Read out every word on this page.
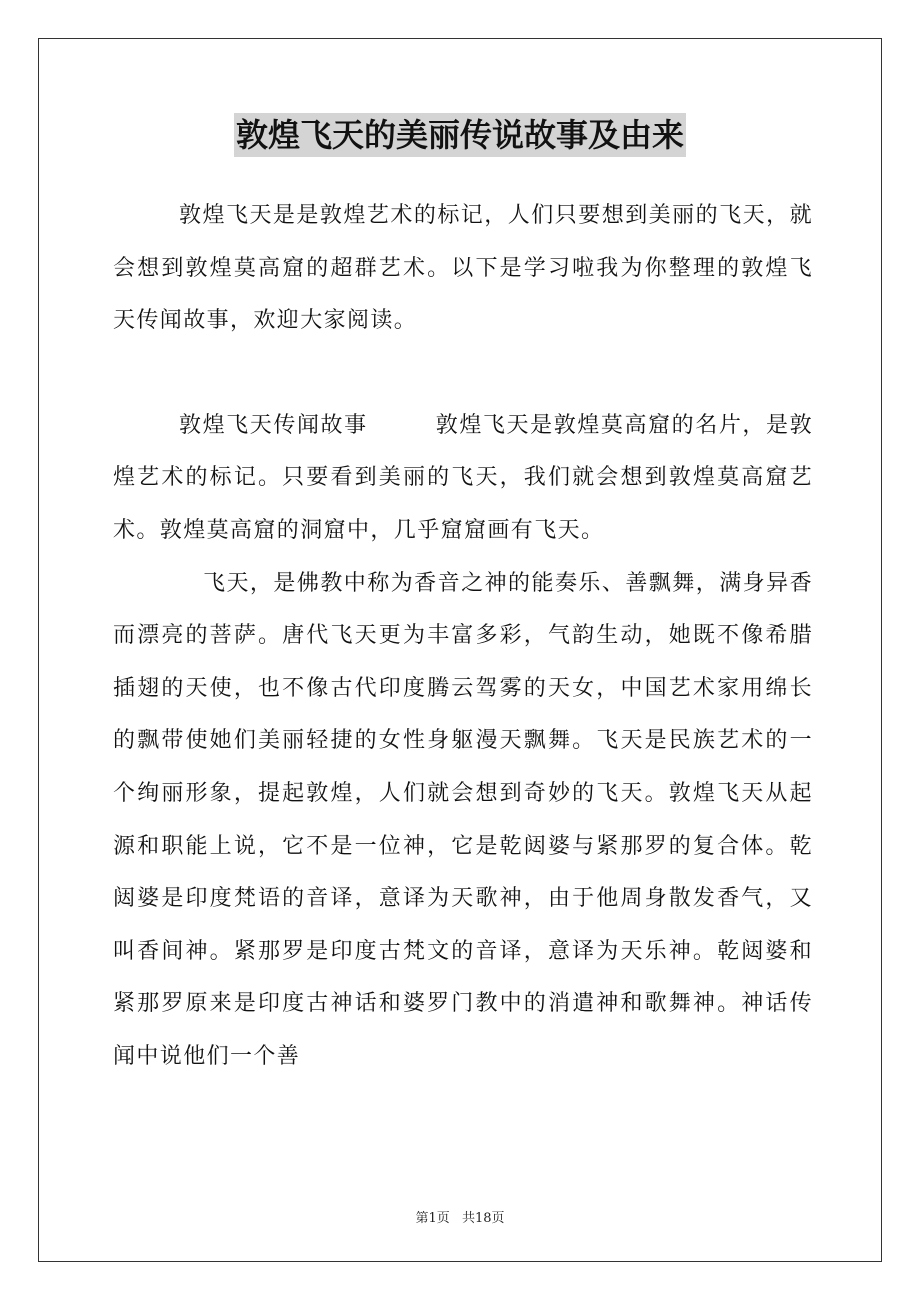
敦煌飞天的美丽传说故事及由来

敦煌飞天是是敦煌艺术的标记，人们只要想到美丽的飞天，就会想到敦煌莫高窟的超群艺术。以下是学习啦我为你整理的敦煌飞天传闻故事，欢迎大家阅读。

敦煌飞天传闻故事	敦煌飞天是敦煌莫高窟的名片，是敦煌艺术的标记。只要看到美丽的飞天，我们就会想到敦煌莫高窟艺术。敦煌莫高窟的洞窟中，几乎窟窟画有飞天。

飞天，是佛教中称为香音之神的能奏乐、善飘舞，满身异香而漂亮的菩萨。唐代飞天更为丰富多彩，气韵生动，她既不像希腊插翅的天使，也不像古代印度腾云驾雾的天女，中国艺术家用绵长的飘带使她们美丽轻捷的女性身躯漫天飘舞。飞天是民族艺术的一个绚丽形象，提起敦煌，人们就会想到奇妙的飞天。敦煌飞天从起源和职能上说，它不是一位神，它是乾闼婆与紧那罗的复合体。乾闼婆是印度梵语的音译，意译为天歌神，由于他周身散发香气，又叫香间神。紧那罗是印度古梵文的音译，意译为天乐神。乾闼婆和紧那罗原来是印度古神话和婆罗门教中的消遣神和歌舞神。神话传闻中说他们一个善

第1页 共18页
